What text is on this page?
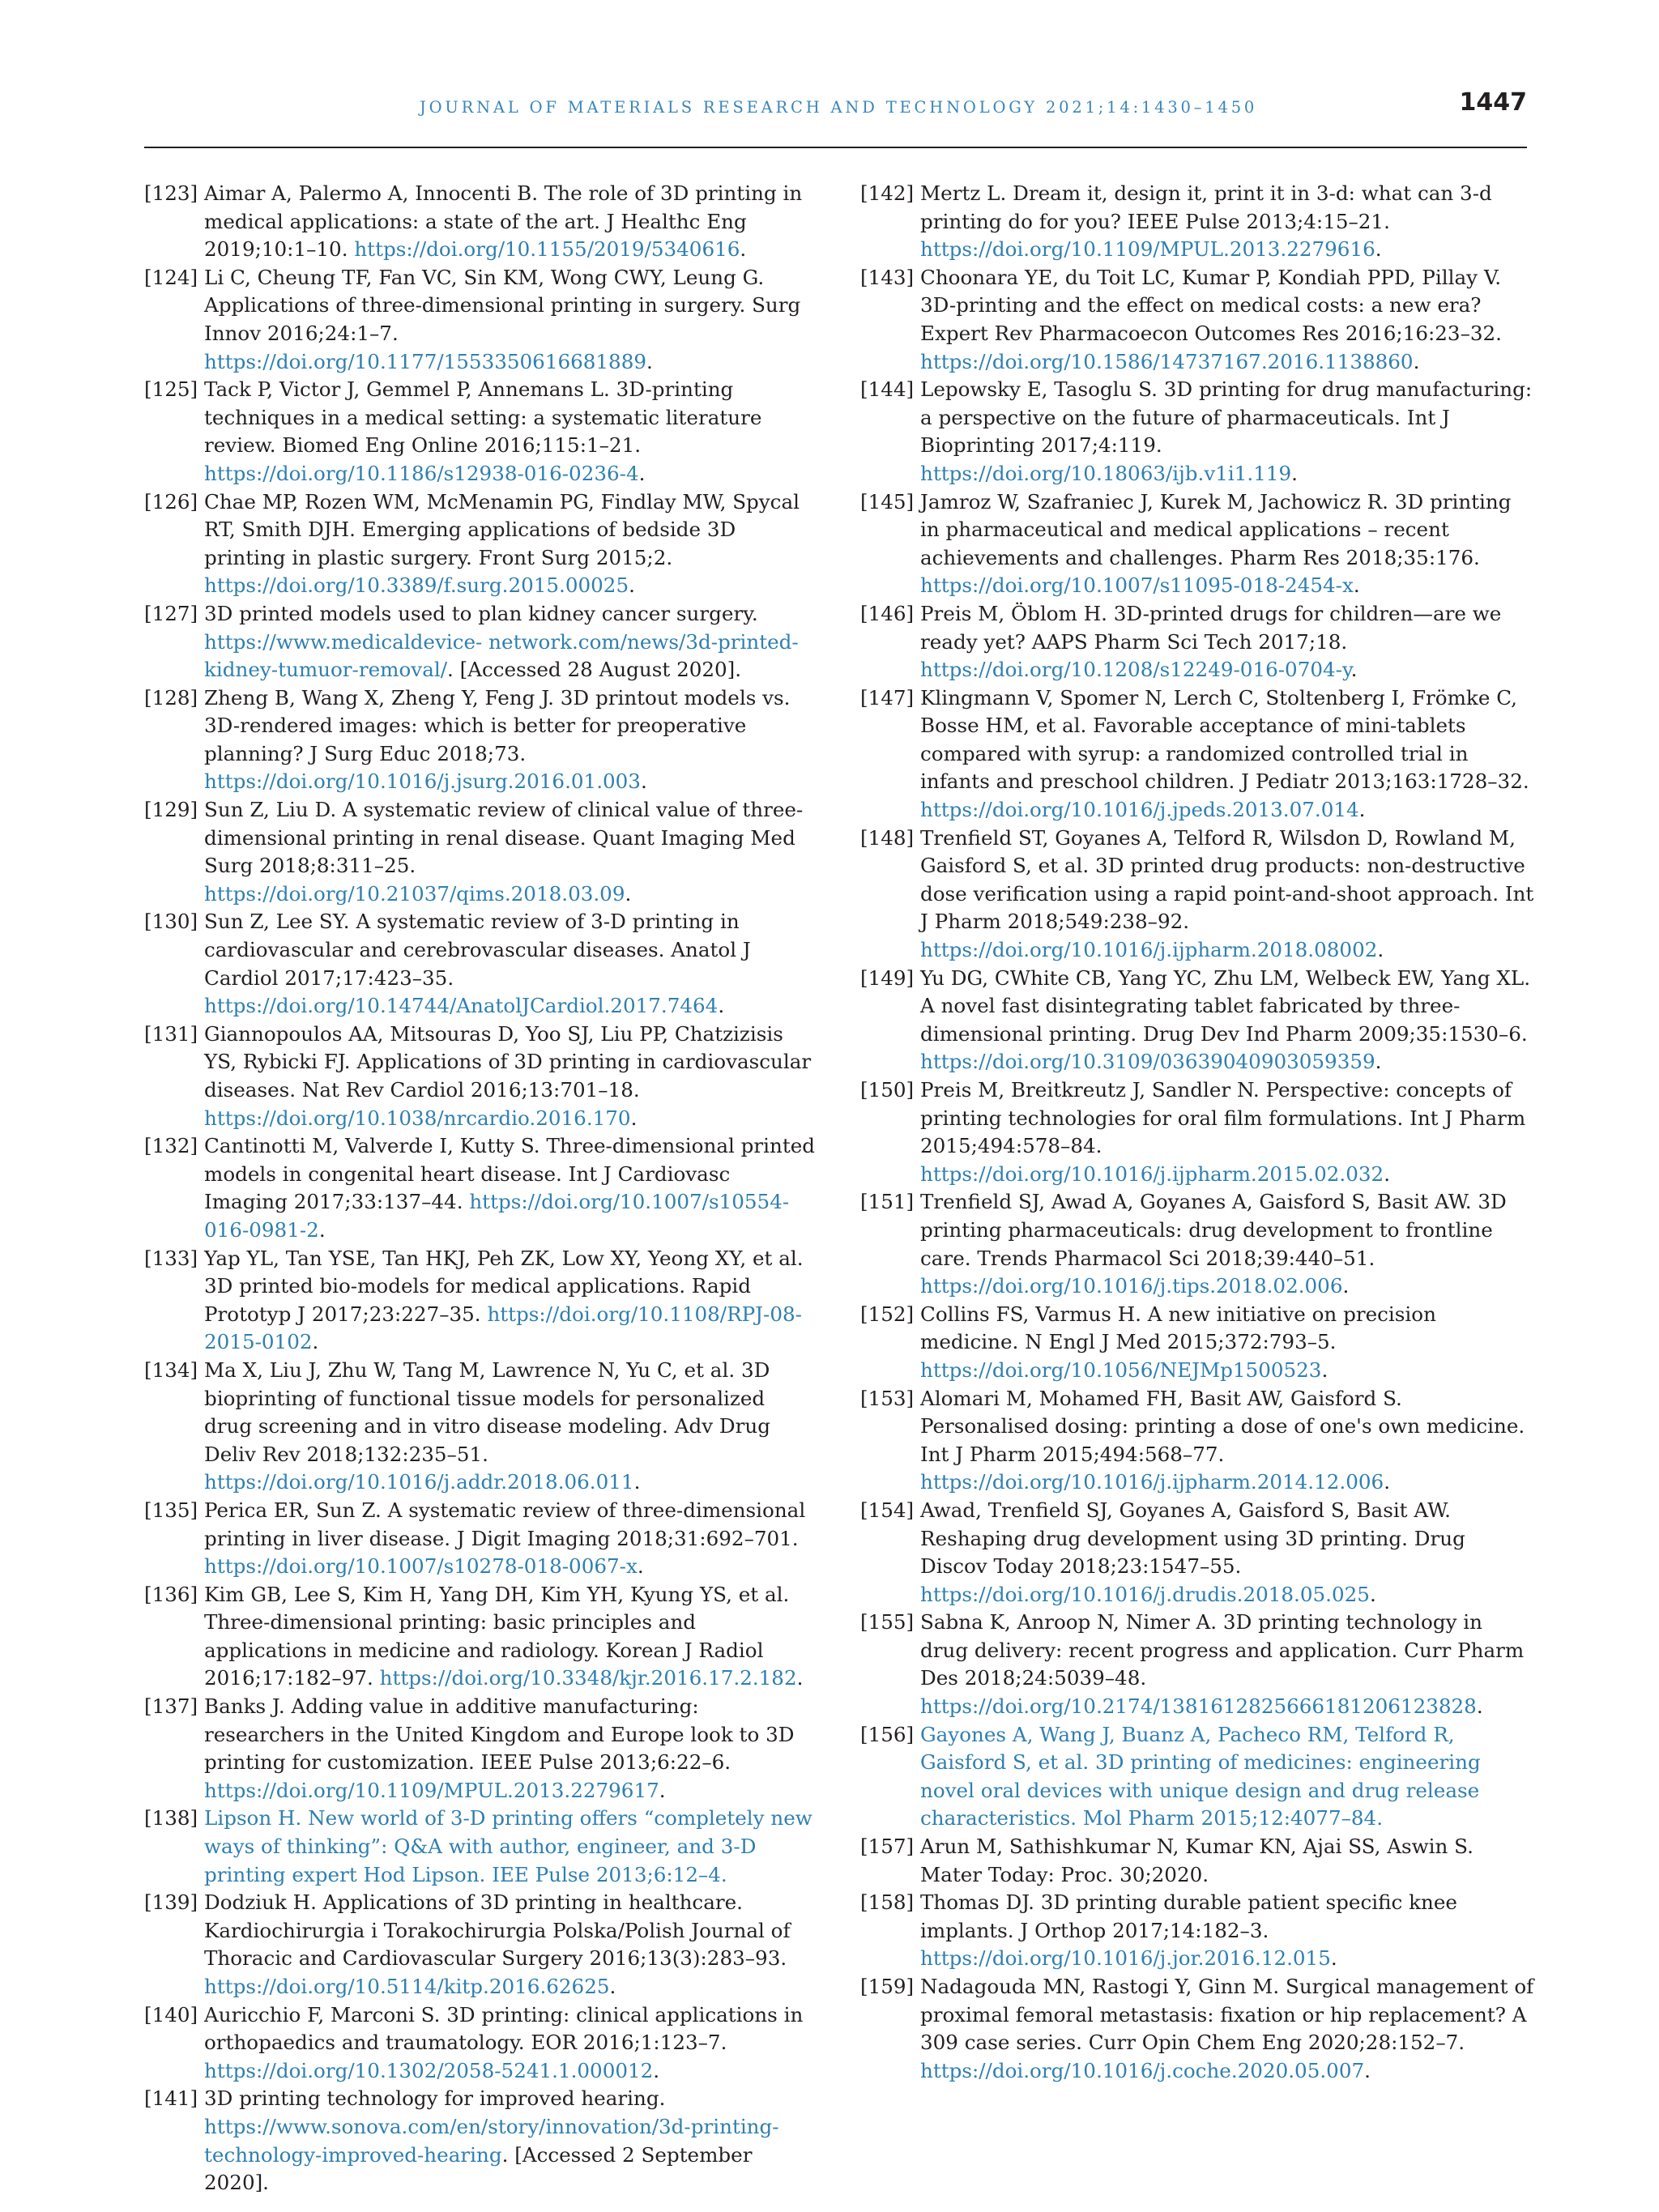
JOURNAL OF MATERIALS RESEARCH AND TECHNOLOGY 2021;14:1430–1450	1447

[123] Aimar A, Palermo A, Innocenti B. The role of 3D printing in medical applications: a state of the art. J Healthc Eng 2019;10:1–10. https://doi.org/10.1155/2019/5340616.

[124] Li C, Cheung TF, Fan VC, Sin KM, Wong CWY, Leung G. Applications of three-dimensional printing in surgery. Surg Innov 2016;24:1–7. https://doi.org/10.1177/1553350616681889.

[125] Tack P, Victor J, Gemmel P, Annemans L. 3D-printing techniques in a medical setting: a systematic literature review. Biomed Eng Online 2016;115:1–21. https://doi.org/10.1186/s12938-016-0236-4.

[126] Chae MP, Rozen WM, McMenamin PG, Findlay MW, Spycal RT, Smith DJH. Emerging applications of bedside 3D printing in plastic surgery. Front Surg 2015;2. https://doi.org/10.3389/f.surg.2015.00025.

[127] 3D printed models used to plan kidney cancer surgery. https://www.medicaldevice- network.com/news/3d-printed-kidney-tumuor-removal/. [Accessed 28 August 2020].

[128] Zheng B, Wang X, Zheng Y, Feng J. 3D printout models vs. 3D-rendered images: which is better for preoperative planning? J Surg Educ 2018;73. https://doi.org/10.1016/j.jsurg.2016.01.003.

[129] Sun Z, Liu D. A systematic review of clinical value of three-dimensional printing in renal disease. Quant Imaging Med Surg 2018;8:311–25. https://doi.org/10.21037/qims.2018.03.09.

[130] Sun Z, Lee SY. A systematic review of 3-D printing in cardiovascular and cerebrovascular diseases. Anatol J Cardiol 2017;17:423–35. https://doi.org/10.14744/AnatolJCardiol.2017.7464.

[131] Giannopoulos AA, Mitsouras D, Yoo SJ, Liu PP, Chatzizisis YS, Rybicki FJ. Applications of 3D printing in cardiovascular diseases. Nat Rev Cardiol 2016;13:701–18. https://doi.org/10.1038/nrcardio.2016.170.

[132] Cantinotti M, Valverde I, Kutty S. Three-dimensional printed models in congenital heart disease. Int J Cardiovasc Imaging 2017;33:137–44. https://doi.org/10.1007/s10554-016-0981-2.

[133] Yap YL, Tan YSE, Tan HKJ, Peh ZK, Low XY, Yeong XY, et al. 3D printed bio-models for medical applications. Rapid Prototyp J 2017;23:227–35. https://doi.org/10.1108/RPJ-08-2015-0102.

[134] Ma X, Liu J, Zhu W, Tang M, Lawrence N, Yu C, et al. 3D bioprinting of functional tissue models for personalized drug screening and in vitro disease modeling. Adv Drug Deliv Rev 2018;132:235–51. https://doi.org/10.1016/j.addr.2018.06.011.

[135] Perica ER, Sun Z. A systematic review of three-dimensional printing in liver disease. J Digit Imaging 2018;31:692–701. https://doi.org/10.1007/s10278-018-0067-x.

[136] Kim GB, Lee S, Kim H, Yang DH, Kim YH, Kyung YS, et al. Three-dimensional printing: basic principles and applications in medicine and radiology. Korean J Radiol 2016;17:182–97. https://doi.org/10.3348/kjr.2016.17.2.182.

[137] Banks J. Adding value in additive manufacturing: researchers in the United Kingdom and Europe look to 3D printing for customization. IEEE Pulse 2013;6:22–6. https://doi.org/10.1109/MPUL.2013.2279617.

[138] Lipson H. New world of 3-D printing offers “completely new ways of thinking”: Q&A with author, engineer, and 3-D printing expert Hod Lipson. IEE Pulse 2013;6:12–4.

[139] Dodziuk H. Applications of 3D printing in healthcare. Kardiochirurgia i Torakochirurgia Polska/Polish Journal of Thoracic and Cardiovascular Surgery 2016;13(3):283–93. https://doi.org/10.5114/kitp.2016.62625.

[140] Auricchio F, Marconi S. 3D printing: clinical applications in orthopaedics and traumatology. EOR 2016;1:123–7. https://doi.org/10.1302/2058-5241.1.000012.

[141] 3D printing technology for improved hearing. https://www.sonova.com/en/story/innovation/3d-printing-technology-improved-hearing. [Accessed 2 September 2020].

[142] Mertz L. Dream it, design it, print it in 3-d: what can 3-d printing do for you? IEEE Pulse 2013;4:15–21. https://doi.org/10.1109/MPUL.2013.2279616.

[143] Choonara YE, du Toit LC, Kumar P, Kondiah PPD, Pillay V. 3D-printing and the effect on medical costs: a new era? Expert Rev Pharmacoecon Outcomes Res 2016;16:23–32. https://doi.org/10.1586/14737167.2016.1138860.

[144] Lepowsky E, Tasoglu S. 3D printing for drug manufacturing: a perspective on the future of pharmaceuticals. Int J Bioprinting 2017;4:119. https://doi.org/10.18063/ijb.v1i1.119.

[145] Jamroz W, Szafraniec J, Kurek M, Jachowicz R. 3D printing in pharmaceutical and medical applications – recent achievements and challenges. Pharm Res 2018;35:176. https://doi.org/10.1007/s11095-018-2454-x.

[146] Preis M, Öblom H. 3D-printed drugs for children—are we ready yet? AAPS Pharm Sci Tech 2017;18. https://doi.org/10.1208/s12249-016-0704-y.

[147] Klingmann V, Spomer N, Lerch C, Stoltenberg I, Frömke C, Bosse HM, et al. Favorable acceptance of mini-tablets compared with syrup: a randomized controlled trial in infants and preschool children. J Pediatr 2013;163:1728–32. https://doi.org/10.1016/j.jpeds.2013.07.014.

[148] Trenfield ST, Goyanes A, Telford R, Wilsdon D, Rowland M, Gaisford S, et al. 3D printed drug products: non-destructive dose verification using a rapid point-and-shoot approach. Int J Pharm 2018;549:238–92. https://doi.org/10.1016/j.ijpharm.2018.08002.

[149] Yu DG, CWhite CB, Yang YC, Zhu LM, Welbeck EW, Yang XL. A novel fast disintegrating tablet fabricated by three-dimensional printing. Drug Dev Ind Pharm 2009;35:1530–6. https://doi.org/10.3109/03639040903059359.

[150] Preis M, Breitkreutz J, Sandler N. Perspective: concepts of printing technologies for oral film formulations. Int J Pharm 2015;494:578–84. https://doi.org/10.1016/j.ijpharm.2015.02.032.

[151] Trenfield SJ, Awad A, Goyanes A, Gaisford S, Basit AW. 3D printing pharmaceuticals: drug development to frontline care. Trends Pharmacol Sci 2018;39:440–51. https://doi.org/10.1016/j.tips.2018.02.006.

[152] Collins FS, Varmus H. A new initiative on precision medicine. N Engl J Med 2015;372:793–5. https://doi.org/10.1056/NEJMp1500523.

[153] Alomari M, Mohamed FH, Basit AW, Gaisford S. Personalised dosing: printing a dose of one's own medicine. Int J Pharm 2015;494:568–77. https://doi.org/10.1016/j.ijpharm.2014.12.006.

[154] Awad, Trenfield SJ, Goyanes A, Gaisford S, Basit AW. Reshaping drug development using 3D printing. Drug Discov Today 2018;23:1547–55. https://doi.org/10.1016/j.drudis.2018.05.025.

[155] Sabna K, Anroop N, Nimer A. 3D printing technology in drug delivery: recent progress and application. Curr Pharm Des 2018;24:5039–48. https://doi.org/10.2174/1381612825666181206123828.

[156] Gayones A, Wang J, Buanz A, Pacheco RM, Telford R, Gaisford S, et al. 3D printing of medicines: engineering novel oral devices with unique design and drug release characteristics. Mol Pharm 2015;12:4077–84.

[157] Arun M, Sathishkumar N, Kumar KN, Ajai SS, Aswin S. Mater Today: Proc. 30;2020.

[158] Thomas DJ. 3D printing durable patient specific knee implants. J Orthop 2017;14:182–3. https://doi.org/10.1016/j.jor.2016.12.015.

[159] Nadagouda MN, Rastogi Y, Ginn M. Surgical management of proximal femoral metastasis: fixation or hip replacement? A 309 case series. Curr Opin Chem Eng 2020;28:152–7. https://doi.org/10.1016/j.coche.2020.05.007.
